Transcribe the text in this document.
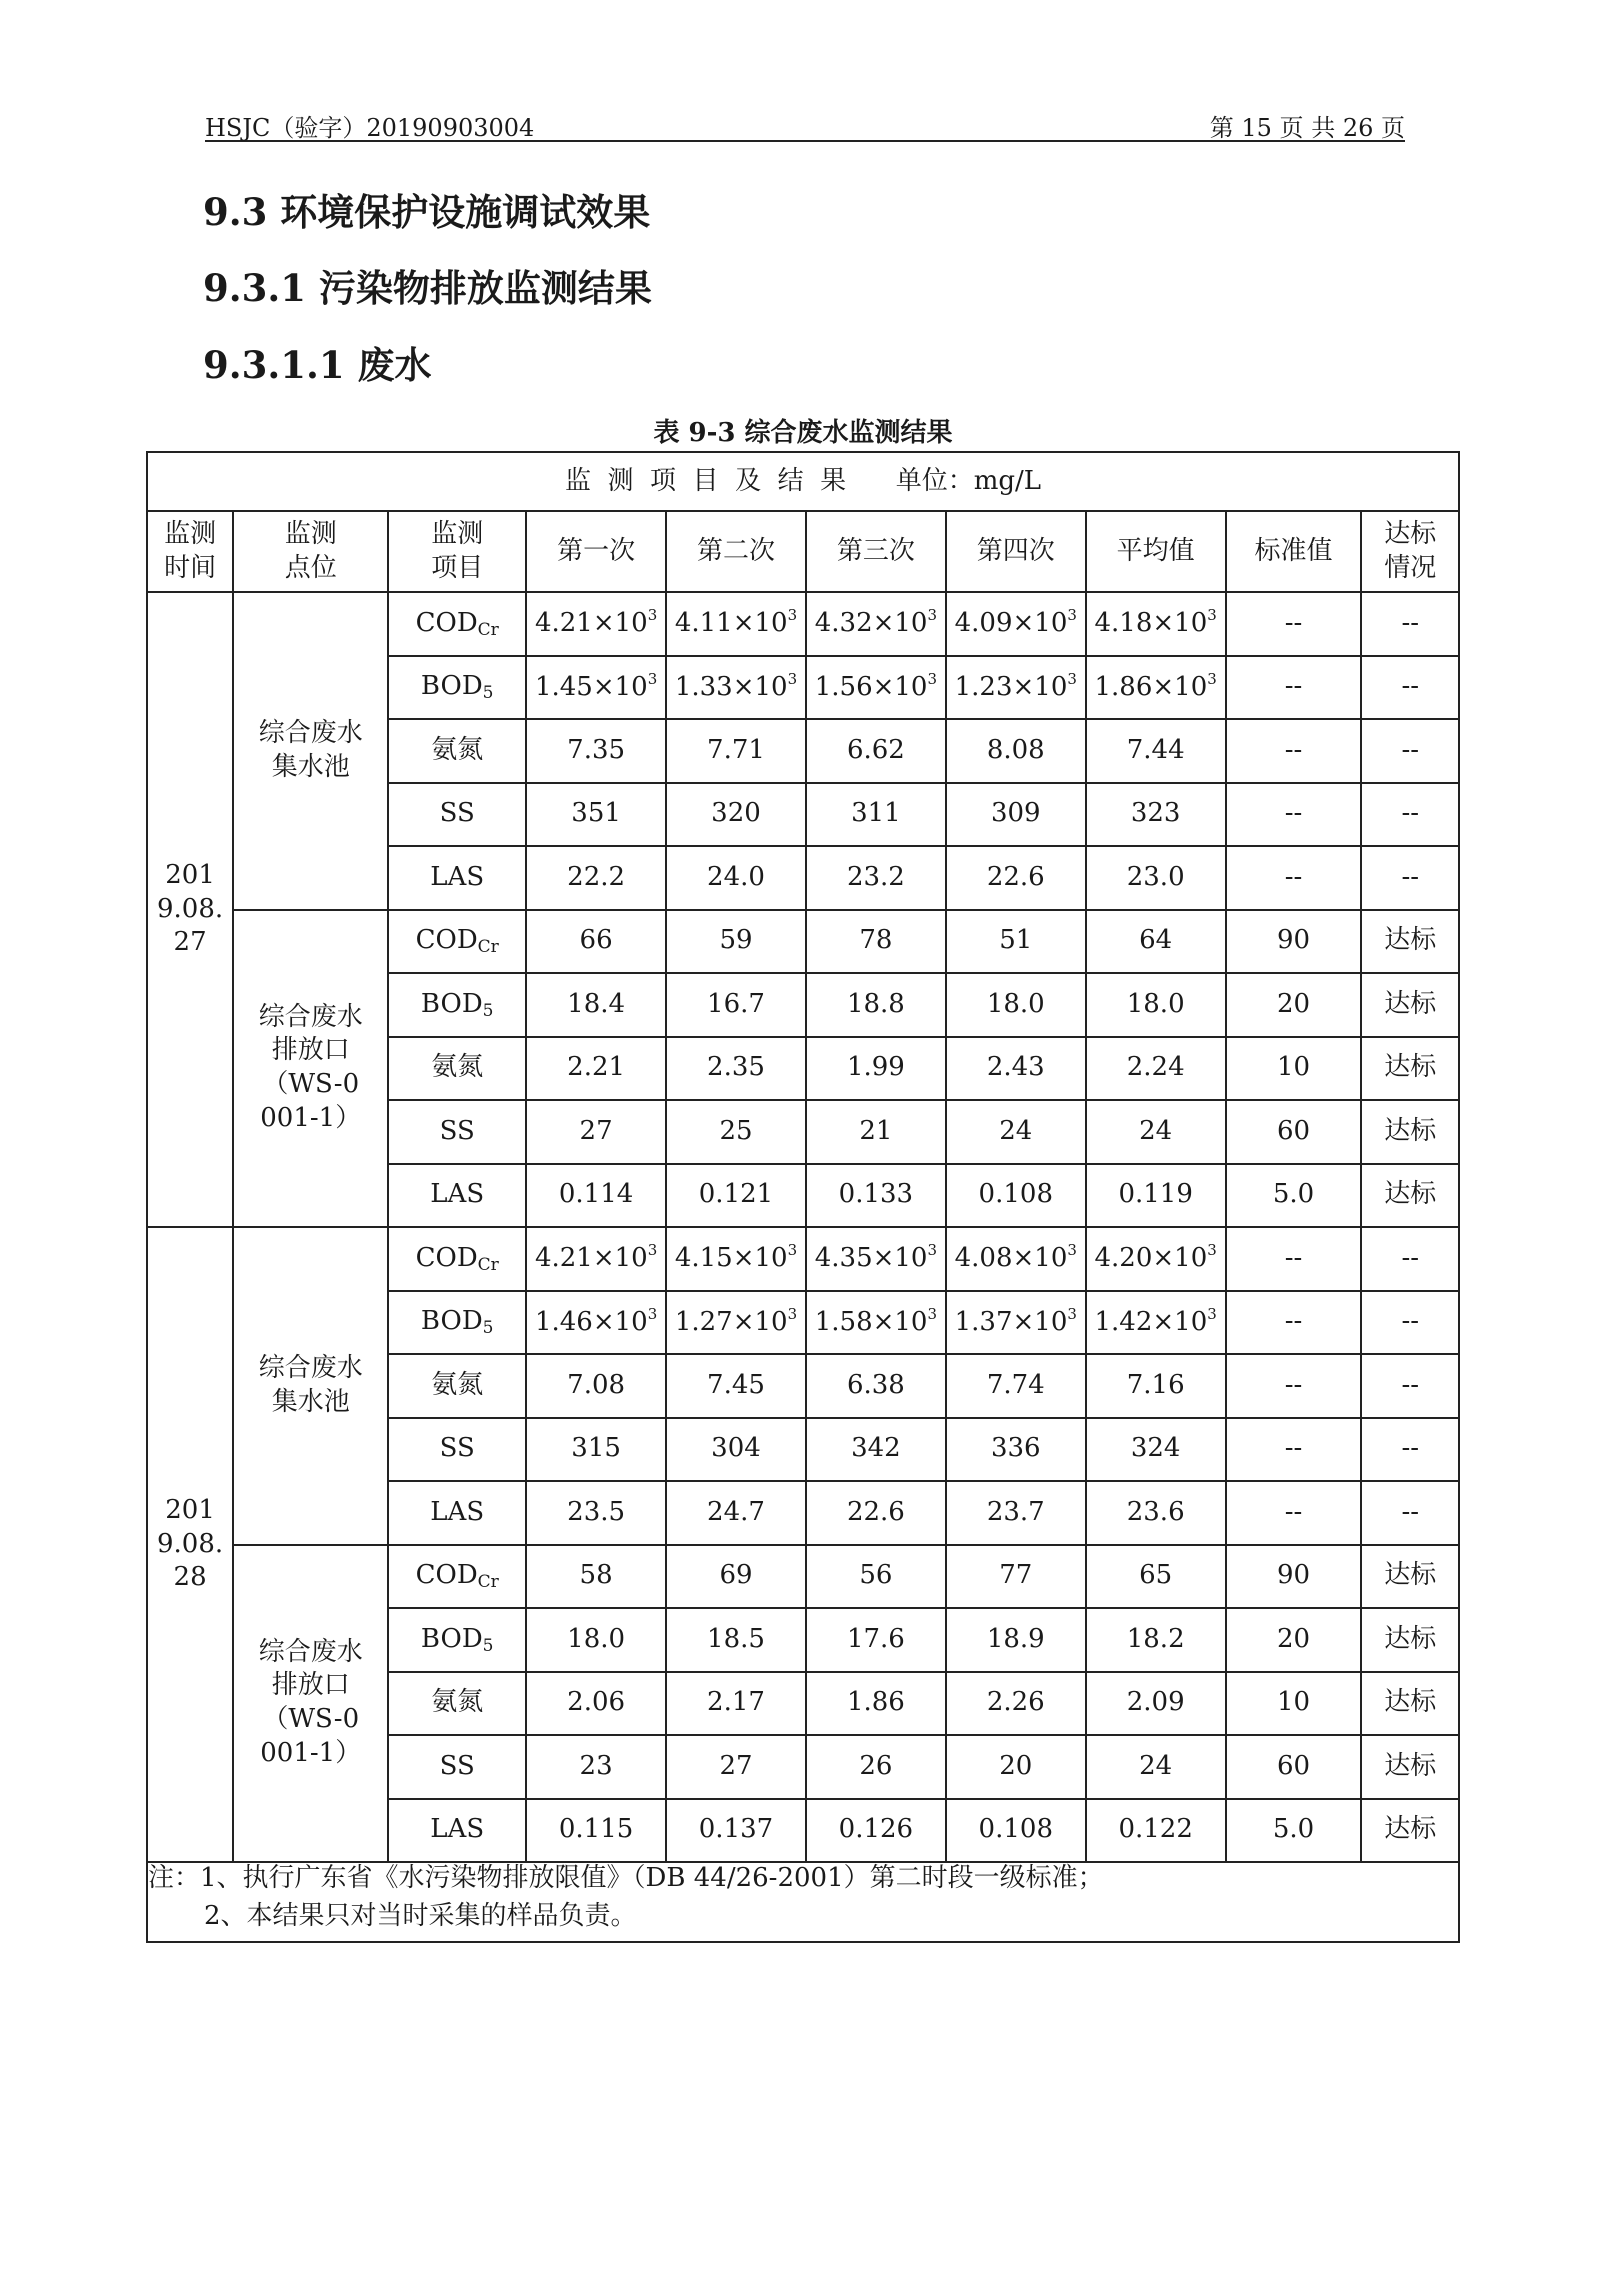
HSJC（验字）20190903004	第 15 页 共 26 页
9.3 环境保护设施调试效果
9.3.1 污染物排放监测结果
9.3.1.1 废水
表 9-3 综合废水监测结果
监  测  项  目  及  结  果      单位：mg/L									
监测时间	监测点位	监测项目	第一次	第二次	第三次	第四次	平均值	标准值	达标情况
2019.08.27	综合废水集水池	$COD_{Cr}$	$4.21\times 10^3$	$4.11\times 10^3$	$4.32\times 10^3$	$4.09\times 10^3$	$4.18\times 10^3$	--	--
		$BOD_5$	$1.45\times 10^3$	$1.33\times 10^3$	$1.56\times 10^3$	$1.23\times 10^3$	$1.86\times 10^3$	--	--
		氨氮	7.35	7.71	6.62	8.08	7.44	--	--
		SS	351	320	311	309	323	--	--
		LAS	22.2	24.0	23.2	22.6	23.0	--	--
	综合废水排放口（WS-0001-1）	$COD_{Cr}$	66	59	78	51	64	90	达标
		$BOD_5$	18.4	16.7	18.8	18.0	18.0	20	达标
		氨氮	2.21	2.35	1.99	2.43	2.24	10	达标
		SS	27	25	21	24	24	60	达标
		LAS	0.114	0.121	0.133	0.108	0.119	5.0	达标
2019.08.28	综合废水集水池	$COD_{Cr}$	$4.21\times 10^3$	$4.15\times 10^3$	$4.35\times 10^3$	$4.08\times 10^3$	$4.20\times 10^3$	--	--
		$BOD_5$	$1.46\times 10^3$	$1.27\times 10^3$	$1.58\times 10^3$	$1.37\times 10^3$	$1.42\times 10^3$	--	--
		氨氮	7.08	7.45	6.38	7.74	7.16	--	--
		SS	315	304	342	336	324	--	--
		LAS	23.5	24.7	22.6	23.7	23.6	--	--
	综合废水排放口（WS-0001-1）	$COD_{Cr}$	58	69	56	77	65	90	达标
		$BOD_5$	18.0	18.5	17.6	18.9	18.2	20	达标
		氨氮	2.06	2.17	1.86	2.26	2.09	10	达标
		SS	23	27	26	20	24	60	达标
		LAS	0.115	0.137	0.126	0.108	0.122	5.0	达标
注：1、执行广东省《水污染物排放限值》（DB 44/26-2001）第二时段一级标准；
2、本结果只对当时采集的样品负责。
